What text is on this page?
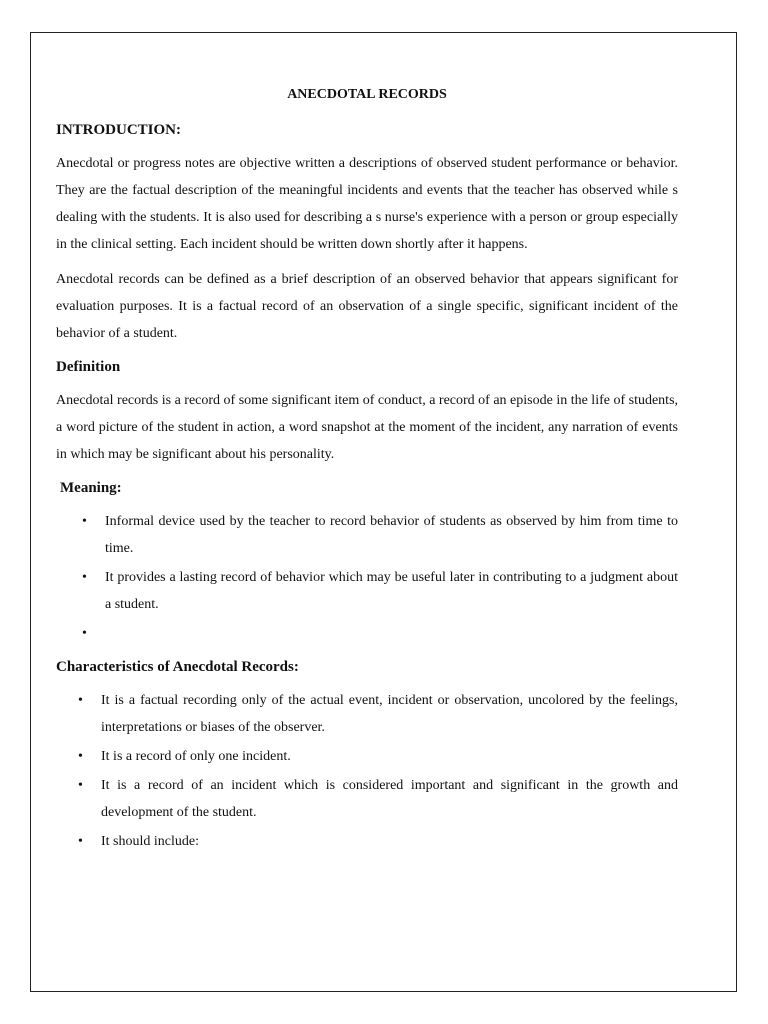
ANECDOTAL RECORDS
INTRODUCTION:

Anecdotal or progress notes are objective written a descriptions of observed student performance or behavior. They are the factual description of the meaningful incidents and events that the teacher has observed while s dealing with the students. It is also used for describing a s nurse's experience with a person or group especially in the clinical setting. Each incident should be written down shortly after it happens.

Anecdotal records can be defined as a brief description of an observed behavior that appears significant for evaluation purposes. It is a factual record of an observation of a single specific, significant incident of the behavior of a student.

Definition

Anecdotal records is a record of some significant item of conduct, a record of an episode in the life of students, a word picture of the student in action, a word snapshot at the moment of the incident, any narration of events in which may be significant about his personality.

Meaning:
• Informal device used by the teacher to record behavior of students as observed by him from time to time.
• It provides a lasting record of behavior which may be useful later in contributing to a judgment about a student.
•
Characteristics of Anecdotal Records:
• It is a factual recording only of the actual event, incident or observation, uncolored by the feelings, interpretations or biases of the observer.
• It is a record of only one incident.
• It is a record of an incident which is considered important and significant in the growth and development of the student.
• It should include:
